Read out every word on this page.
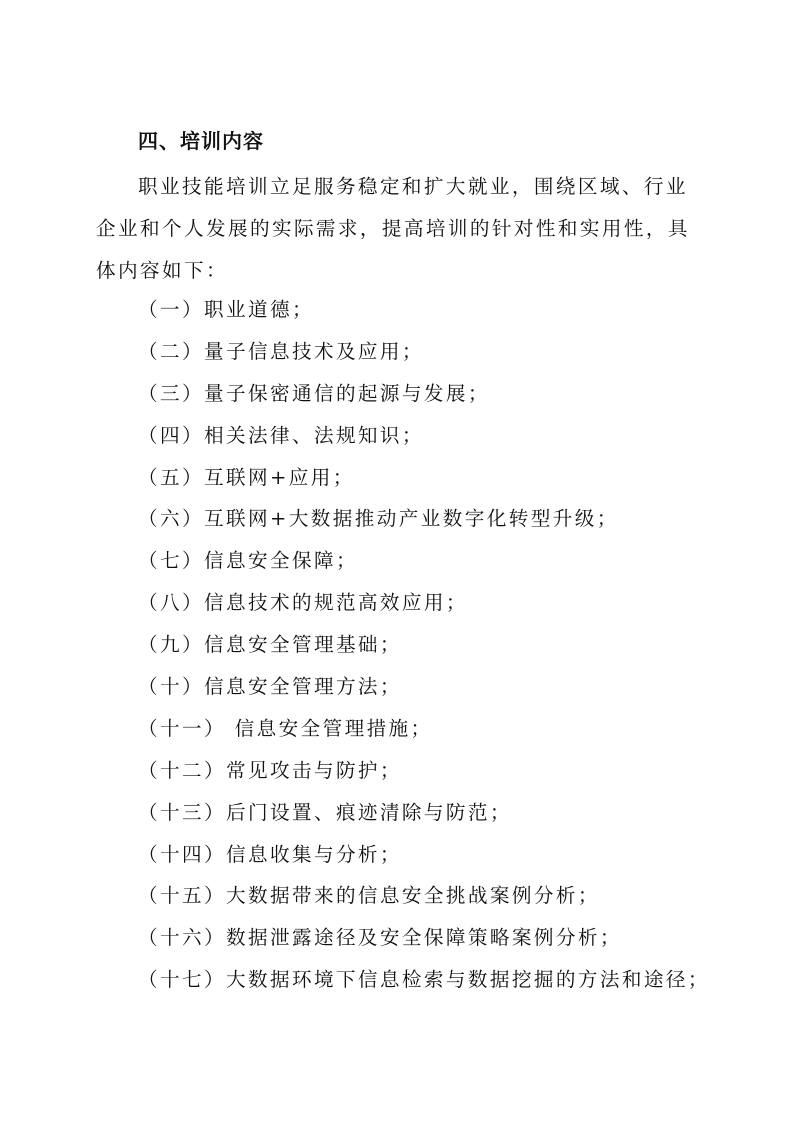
四、培训内容
职业技能培训立足服务稳定和扩大就业，围绕区域、行业
企业和个人发展的实际需求，提高培训的针对性和实用性，具
体内容如下：
（一）职业道德；
（二）量子信息技术及应用；
（三）量子保密通信的起源与发展；
（四）相关法律、法规知识；
（五）互联网+应用；
（六）互联网+大数据推动产业数字化转型升级；
（七）信息安全保障；
（八）信息技术的规范高效应用；
（九）信息安全管理基础；
（十）信息安全管理方法；
（十一） 信息安全管理措施；
（十二）常见攻击与防护；
（十三）后门设置、痕迹清除与防范；
（十四）信息收集与分析；
（十五）大数据带来的信息安全挑战案例分析；
（十六）数据泄露途径及安全保障策略案例分析；
（十七）大数据环境下信息检索与数据挖掘的方法和途径；
